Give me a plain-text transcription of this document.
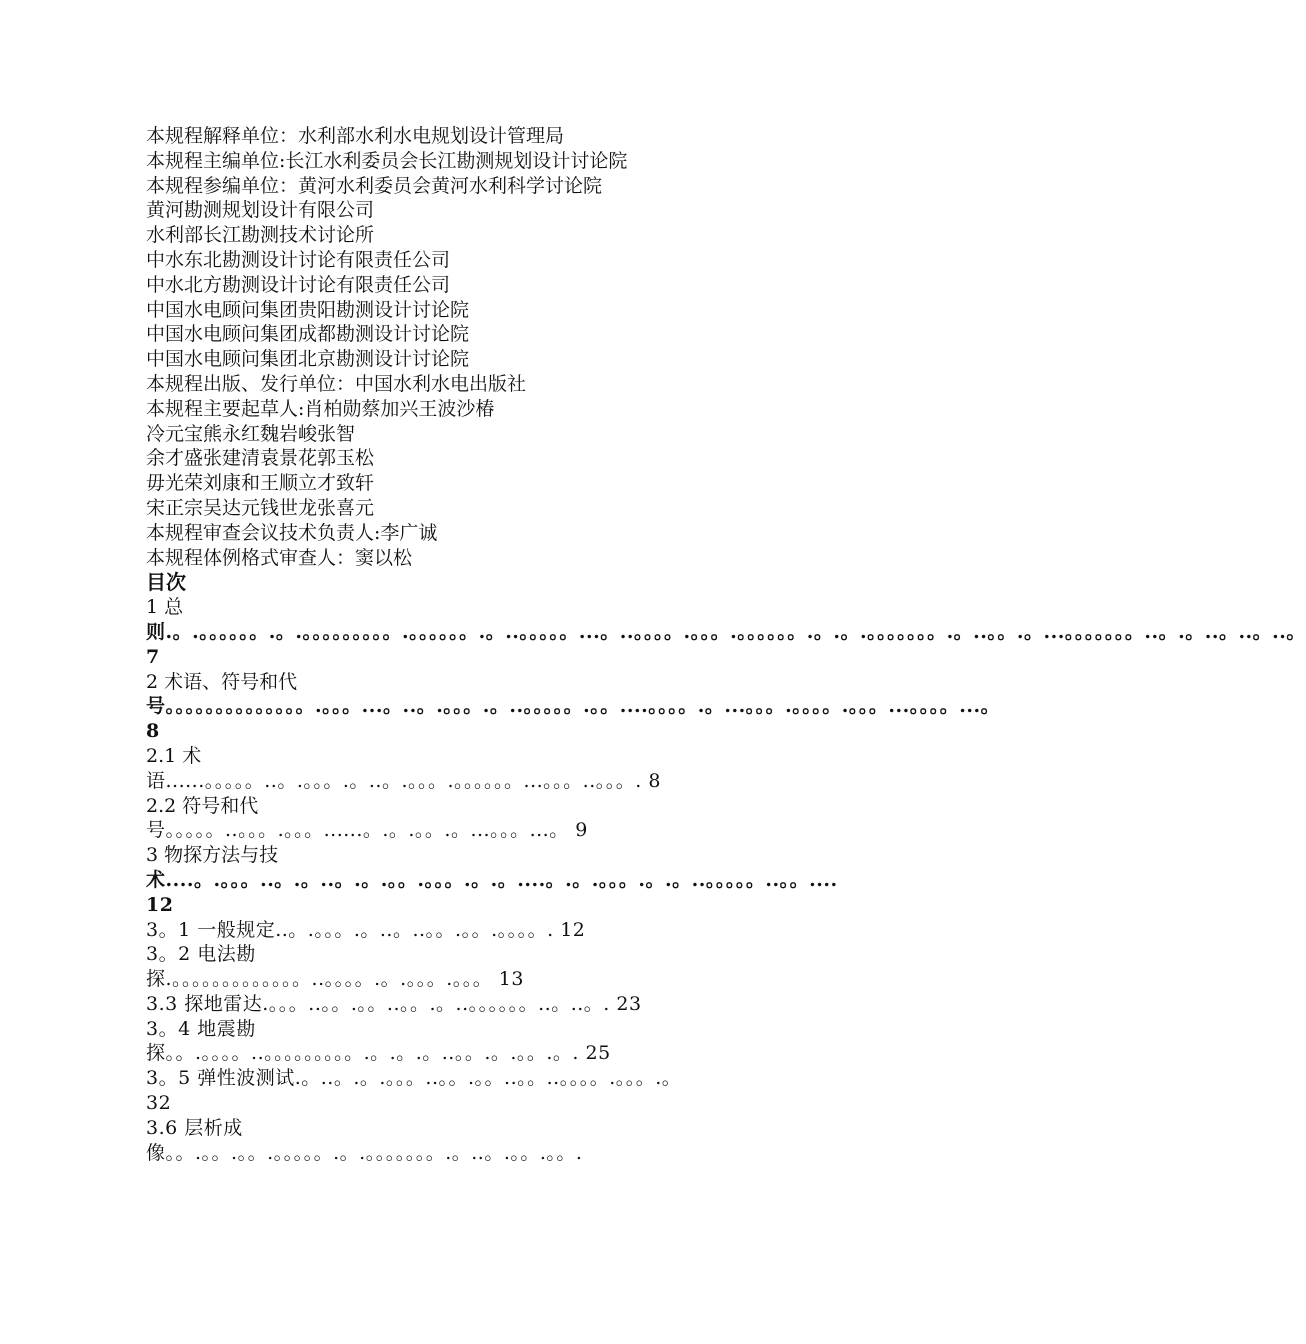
本规程解释单位：水利部水利水电规划设计管理局
本规程主编单位:长江水利委员会长江勘测规划设计讨论院
本规程参编单位：黄河水利委员会黄河水利科学讨论院
黄河勘测规划设计有限公司
水利部长江勘测技术讨论所
中水东北勘测设计讨论有限责任公司
中水北方勘测设计讨论有限责任公司
中国水电顾问集团贵阳勘测设计讨论院
中国水电顾问集团成都勘测设计讨论院
中国水电顾问集团北京勘测设计讨论院
本规程出版、发行单位：中国水利水电出版社
本规程主要起草人:肖柏勋蔡加兴王波沙椿
冷元宝熊永红魏岩峻张智
余才盛张建清袁景花郭玉松
毋光荣刘康和王顺立才致轩
宋正宗吴达元钱世龙张喜元
本规程审查会议技术负责人:李广诚
本规程体例格式审查人：窦以松
目次
1 总
则.。.。。。。。。.。.。。。。。。。。。.。。。。。。.。..。。。。。...。..。。。。.。。。.。。。。。。.。.。.。。。。。。。.。..。。.。...。。。。。。。..。.。..。..。..。 7
2 术语、符号和代
号。。。。。。。。。。。。。。.。。。...。..。.。。。.。..。。。。。.。。....。。。。.。...。。。.。。。。.。。。...。。。。...。8
2.1 术
语......。。。。。..。.。。。.。..。.。。。.。。。。。。...。。。..。。。. 8
2.2 符号和代
号。。。。。..。。。.。。。......。.。.。。.。...。。。...。 9
3 物探方法与技
术....。.。。。..。.。..。.。.。。.。。。.。.。....。.。.。。。.。.。..。。。。。..。。....12
3。1 一般规定..。.。。。.。..。..。。.。。.。。。。. 12
3。2 电法勘
探.。。。。。。。。。。。。。..。。。。.。.。。。.。。。 13
3.3 探地雷达.。。。..。。.。。..。。.。..。。。。。。..。..。. 23
3。4 地震勘
探。。.。。。。..。。。。。。。。。.。.。.。..。。.。.。。.。. 25
3。5 弹性波测试.。..。.。.。。。..。。.。。..。。..。。。。.。。。.。
32
3.6 层析成
像。。.。。.。。.。。。。。.。.。。。。。。。.。..。.。。.。。.
